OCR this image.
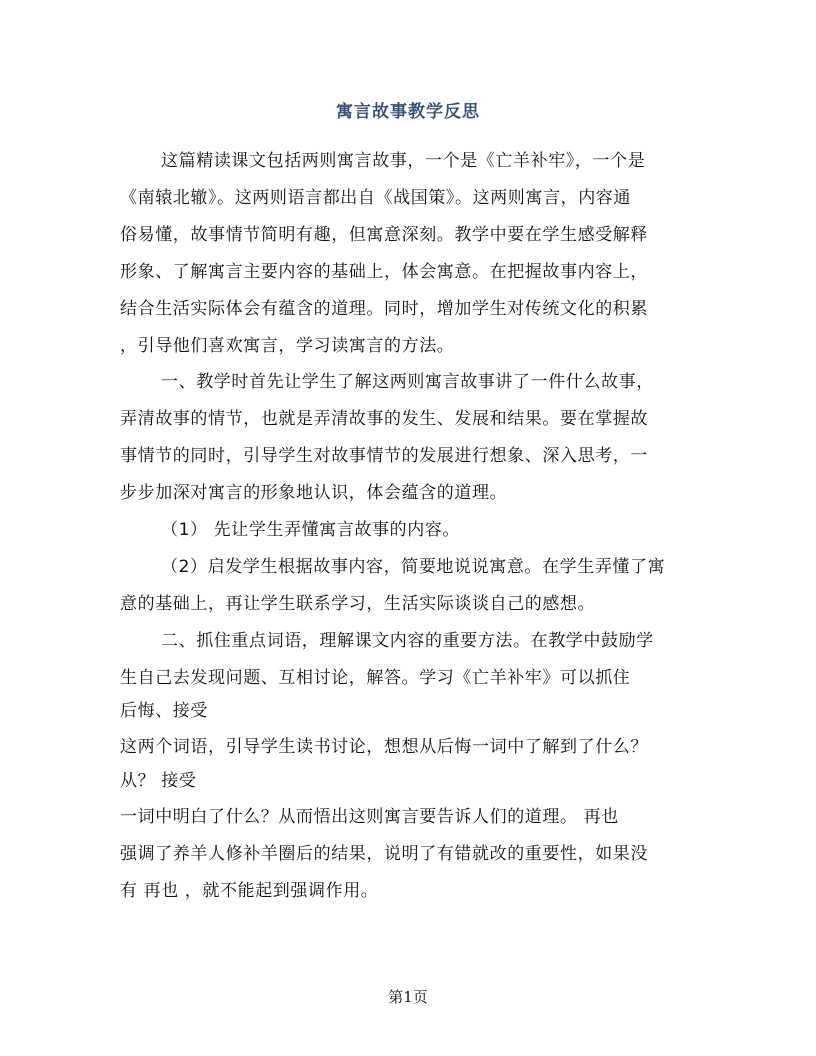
寓言故事教学反思
这篇精读课文包括两则寓言故事，一个是《亡羊补牢》，一个是
《南辕北辙》。这两则语言都出自《战国策》。这两则寓言，内容通
俗易懂，故事情节简明有趣，但寓意深刻。教学中要在学生感受解释
形象、了解寓言主要内容的基础上，体会寓意。在把握故事内容上，
结合生活实际体会有蕴含的道理。同时，增加学生对传统文化的积累
，引导他们喜欢寓言，学习读寓言的方法。
一、教学时首先让学生了解这两则寓言故事讲了一件什么故事，
弄清故事的情节，也就是弄清故事的发生、发展和结果。要在掌握故
事情节的同时，引导学生对故事情节的发展进行想象、深入思考，一
步步加深对寓言的形象地认识，体会蕴含的道理。
（1） 先让学生弄懂寓言故事的内容。
（2）启发学生根据故事内容，简要地说说寓意。在学生弄懂了寓
意的基础上，再让学生联系学习，生活实际谈谈自己的感想。
二、抓住重点词语，理解课文内容的重要方法。在教学中鼓励学
生自己去发现问题、互相讨论，解答。学习《亡羊补牢》可以抓住
后悔、接受
这两个词语，引导学生读书讨论，想想从后悔一词中了解到了什么？
从？ 接受
一词中明白了什么？从而悟出这则寓言要告诉人们的道理。 再也
强调了养羊人修补羊圈后的结果，说明了有错就改的重要性，如果没
有 再也 ，就不能起到强调作用。
第1页
